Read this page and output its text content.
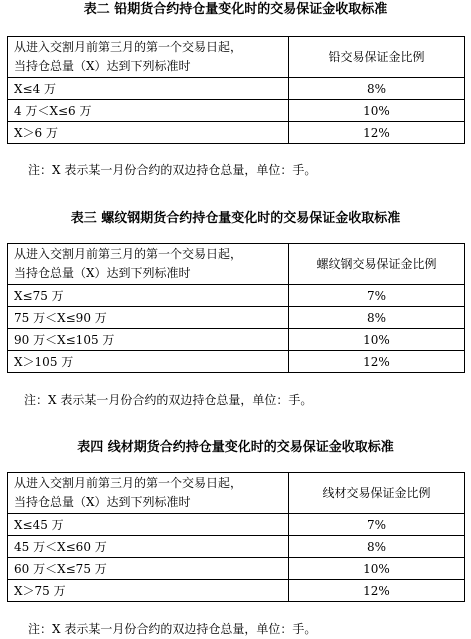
表二 铅期货合约持仓量变化时的交易保证金收取标准
从进入交割月前第三月的第一个交易日起，
当持仓总量（X）达到下列标准时	铅交易保证金比例
X≤4 万	8%
4 万＜X≤6 万	10%
X＞6 万	12%
注：X 表示某一月份合约的双边持仓总量，单位：手。
表三 螺纹钢期货合约持仓量变化时的交易保证金收取标准
从进入交割月前第三月的第一个交易日起，
当持仓总量（X）达到下列标准时	螺纹钢交易保证金比例
X≤75 万	7%
75 万＜X≤90 万	8%
90 万＜X≤105 万	10%
X＞105 万	12%
注：X 表示某一月份合约的双边持仓总量，单位：手。
表四 线材期货合约持仓量变化时的交易保证金收取标准
从进入交割月前第三月的第一个交易日起，
当持仓总量（X）达到下列标准时	线材交易保证金比例
X≤45 万	7%
45 万＜X≤60 万	8%
60 万＜X≤75 万	10%
X＞75 万	12%
注：X 表示某一月份合约的双边持仓总量，单位：手。
